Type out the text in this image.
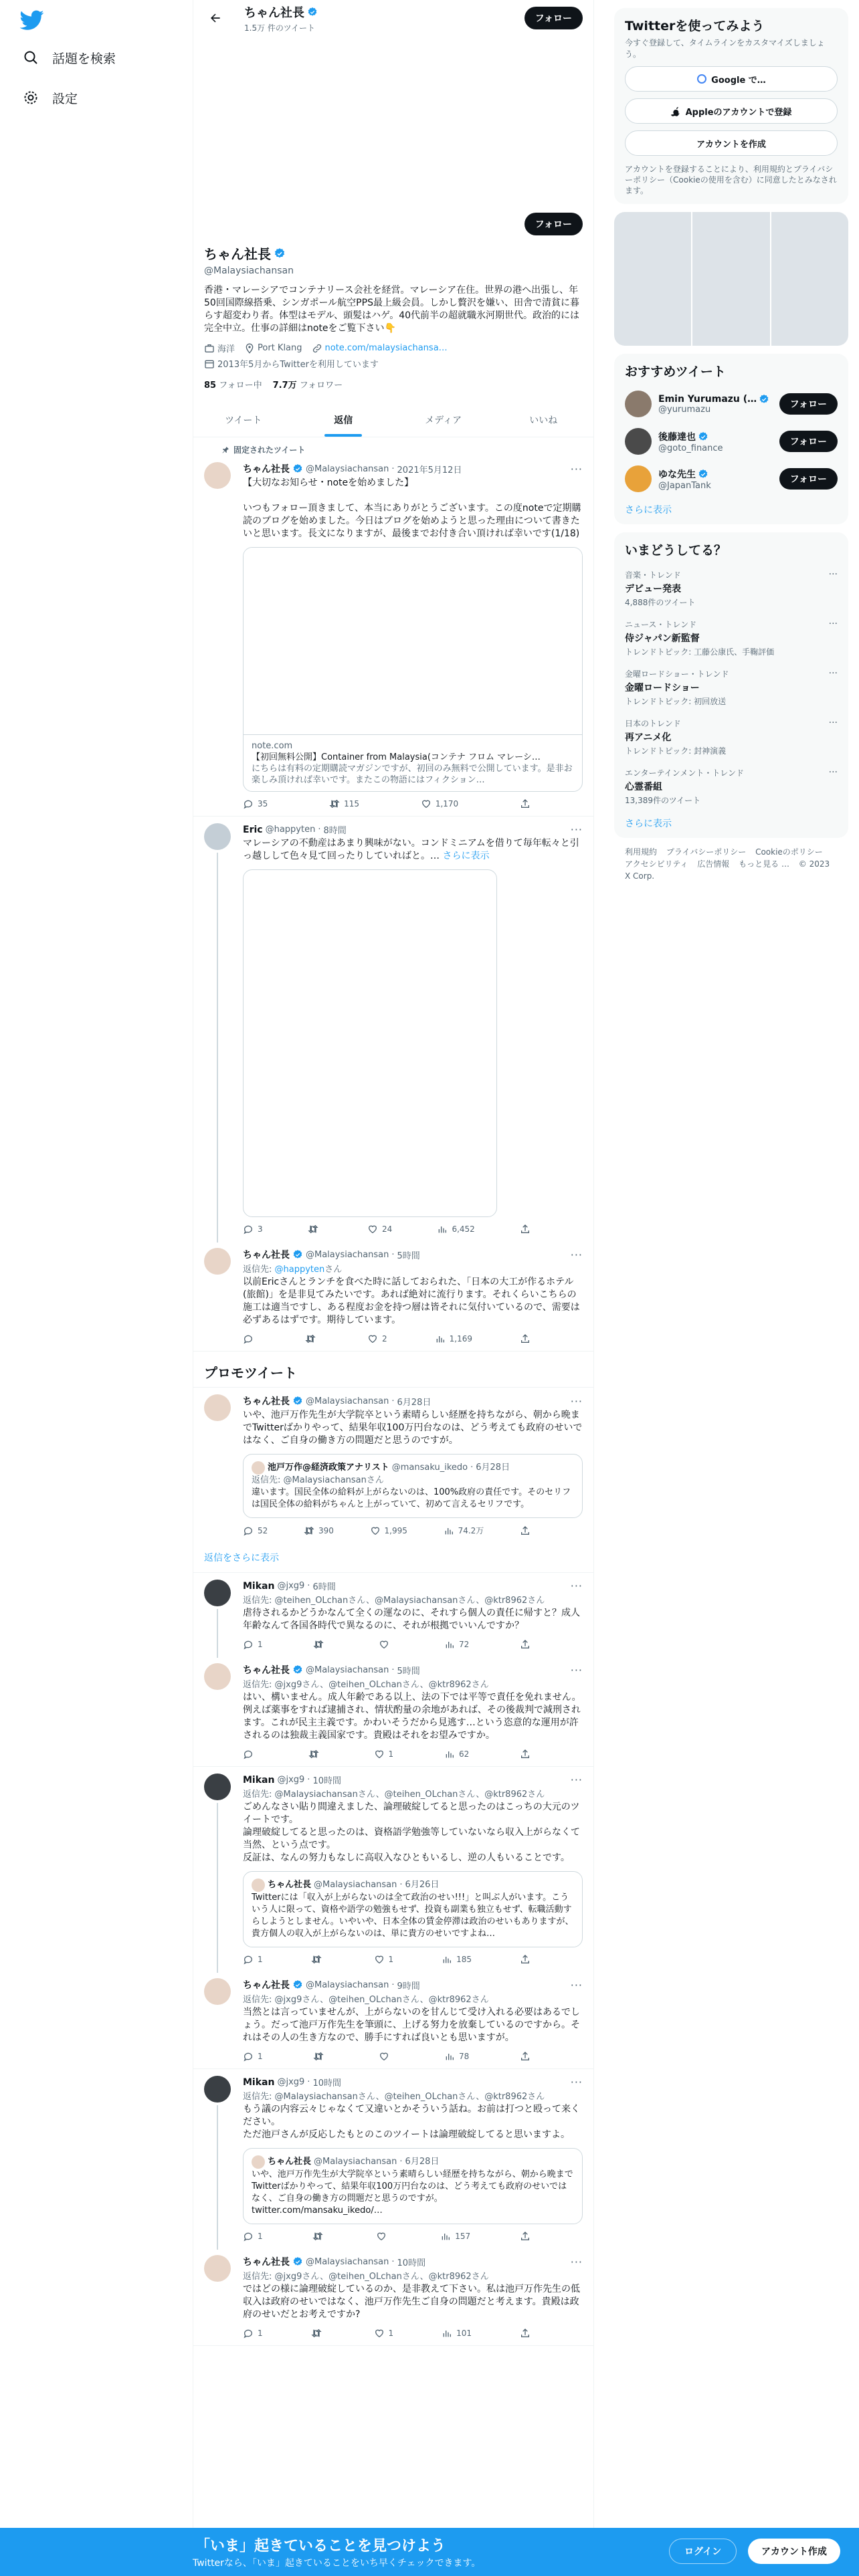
話題を検索
設定
ちゃん社長
1.5万 件のツイート
フォロー
フォロー
ちゃん社長
@Malaysiachansan
香港・マレーシアでコンテナリース会社を経営。マレーシア在住。世界の港へ出張し、年50回国際線搭乗、シンガポール航空PPS最上級会員。しかし贅沢を嫌い、田舎で清貧に暮らす超変わり者。体型はモデル、頭髪はハゲ。40代前半の超就職氷河期世代。政治的には完全中立。仕事の詳細はnoteをご覧下さい👇
海洋	Port Klang	note.com/malaysiachansa…
2013年5月からTwitterを利用しています
85 フォロー中 7.7万 フォロワー
ツイート	返信	メディア	いいね
固定されたツイート
ちゃん社長 @Malaysiachansan · 2021年5月12日	···
【大切なお知らせ・noteを始めました】

いつもフォロー頂きまして、本当にありがとうございます。この度noteで定期購読のブログを始めました。今日はブログを始めようと思った理由について書きたいと思います。長文になりますが、最後までお付き合い頂ければ幸いです(1/18)
note.com
【初回無料公開】Container from Malaysia(コンテナ フロム マレーシ…
にちらは有料の定期購読マガジンですが、初回のみ無料で公開しています。是非お楽しみ頂ければ幸いです。またこの物語にはフィクション…
35	115	1,170
Eric @happyten · 8時間	···
マレーシアの不動産はあまり興味がない。コンドミニアムを借りて毎年転々と引っ越しして色々見て回ったりしていればと。… さらに表示
3	24	6,452
ちゃん社長 @Malaysiachansan · 5時間	···
返信先: @happytenさん
以前Ericさんとランチを食べた時に話しておられた、「日本の大工が作るホテル(旅館)」を是非見てみたいです。あれば絶対に流行ります。それくらいこちらの施工は適当ですし、ある程度お金を持つ層は皆それに気付いているので、需要は必ずあるはずです。期待しています。
2	1,169
プロモツイート
ちゃん社長 @Malaysiachansan · 6月28日	···
いや、池戸万作先生が大学院卒という素晴らしい経歴を持ちながら、朝から晩までTwitterばかりやって、結果年収100万円台なのは、どう考えても政府のせいではなく、ご自身の働き方の問題だと思うのですが。
池戸万作@経済政策アナリスト @mansaku_ikedo · 6月28日
返信先: @Malaysiachansanさん
違います。国民全体の給料が上がらないのは、100%政府の責任です。そのセリフは国民全体の給料がちゃんと上がっていて、初めて言えるセリフです。
52	390	1,995	74.2万
返信をさらに表示
Mikan @jxg9 · 6時間	···
返信先: @teihen_OLchanさん、@Malaysiachansanさん、@ktr8962さん
虐待されるかどうかなんて全くの運なのに、それすら個人の責任に帰すと？成人年齢なんて各国各時代で異なるのに、それが根拠でいいんですか？
1	72
ちゃん社長 @Malaysiachansan · 5時間	···
返信先: @jxg9さん、@teihen_OLchanさん、@ktr8962さん
はい、構いません。成人年齢である以上、法の下では平等で責任を免れません。例えば薬事をすれば逮捕され、情状酌量の余地があれば、その後裁判で減刑されます。これが民主主義です。かわいそうだから見逃す…という恣意的な運用が許されるのは独裁主義国家です。貴殿はそれをお望みですか。
1	62
Mikan @jxg9 · 10時間	···
返信先: @Malaysiachansanさん、@teihen_OLchanさん、@ktr8962さん
ごめんなさい貼り間違えました、論理破綻してると思ったのはこっちの大元のツイートです。
論理破綻してると思ったのは、資格語学勉強等していないなら収入上がらなくて当然、という点です。
反証は、なんの努力もなしに高収入なひともいるし、逆の人もいることです。
ちゃん社長 @Malaysiachansan · 6月26日
Twitterには「収入が上がらないのは全て政治のせい!!!」と叫ぶ人がいます。こういう人に限って、資格や語学の勉強もせず、投資も副業も独立もせず、転職活動すらしようとしません。いやいや、日本全体の賃金停滞は政治のせいもありますが、貴方個人の収入が上がらないのは、単に貴方のせいですよね…
1	1	185
ちゃん社長 @Malaysiachansan · 9時間	···
返信先: @jxg9さん、@teihen_OLchanさん、@ktr8962さん
当然とは言っていませんが、上がらないのを甘んじて受け入れる必要はあるでしょう。だって池戸万作先生を筆頭に、上げる努力を放棄しているのですから。それはその人の生き方なので、勝手にすれば良いとも思いますが。
1	78
Mikan @jxg9 · 10時間	···
返信先: @Malaysiachansanさん、@teihen_OLchanさん、@ktr8962さん
もう議の内容云々じゃなくて又違いとかそういう話ね。お前は打つと殴って来ください。
ただ池戸さんが反応したもとのこのツイートは論理破綻してると思いますよ。
ちゃん社長 @Malaysiachansan · 6月28日
いや、池戸万作先生が大学院卒という素晴らしい経歴を持ちながら、朝から晩までTwitterばかりやって、結果年収100万円台なのは、どう考えても政府のせいではなく、ご自身の働き方の問題だと思うのですが。
twitter.com/mansaku_ikedo/…
1	157
ちゃん社長 @Malaysiachansan · 10時間	···
返信先: @jxg9さん、@teihen_OLchanさん、@ktr8962さん
ではどの様に論理破綻しているのか、是非教えて下さい。私は池戸万作先生の低収入は政府のせいではなく、池戸万作先生ご自身の問題だと考えます。貴殿は政府のせいだとお考えですか?
1	1	101
Twitterを使ってみよう
今すぐ登録して、タイムラインをカスタマイズしましょう。
Google で…
Appleのアカウントで登録
アカウントを作成
アカウントを登録することにより、利用規約とプライバシーポリシー（Cookieの使用を含む）に同意したとみなされます。
おすすめツイート
Emin Yurumazu (…
@yurumazu	フォロー
後藤達也
@goto_finance
フォロー
ゆな先生
@JapanTank
フォロー
さらに表示
いまどうしてる？
音楽・トレンド
デビュー発表
4,888件のツイート
···
ニュース・トレンド
侍ジャパン新監督
トレンドトピック: 工藤公康氏、手鞠評価
···
金曜ロードショー・トレンド
金曜ロードショー
トレンドトピック: 初回放送
···
日本のトレンド
再アニメ化
トレンドトピック: 封神演義
···
エンターテインメント・トレンド
心霊番組
13,389件のツイート
···
さらに表示
利用規約 プライバシーポリシー Cookieのポリシー アクセシビリティ 広告情報 もっと見る … © 2023 X Corp.
「いま」起きていることを見つけよう
Twitterなら、「いま」起きていることをいち早くチェックできます。
ログイン	アカウント作成
